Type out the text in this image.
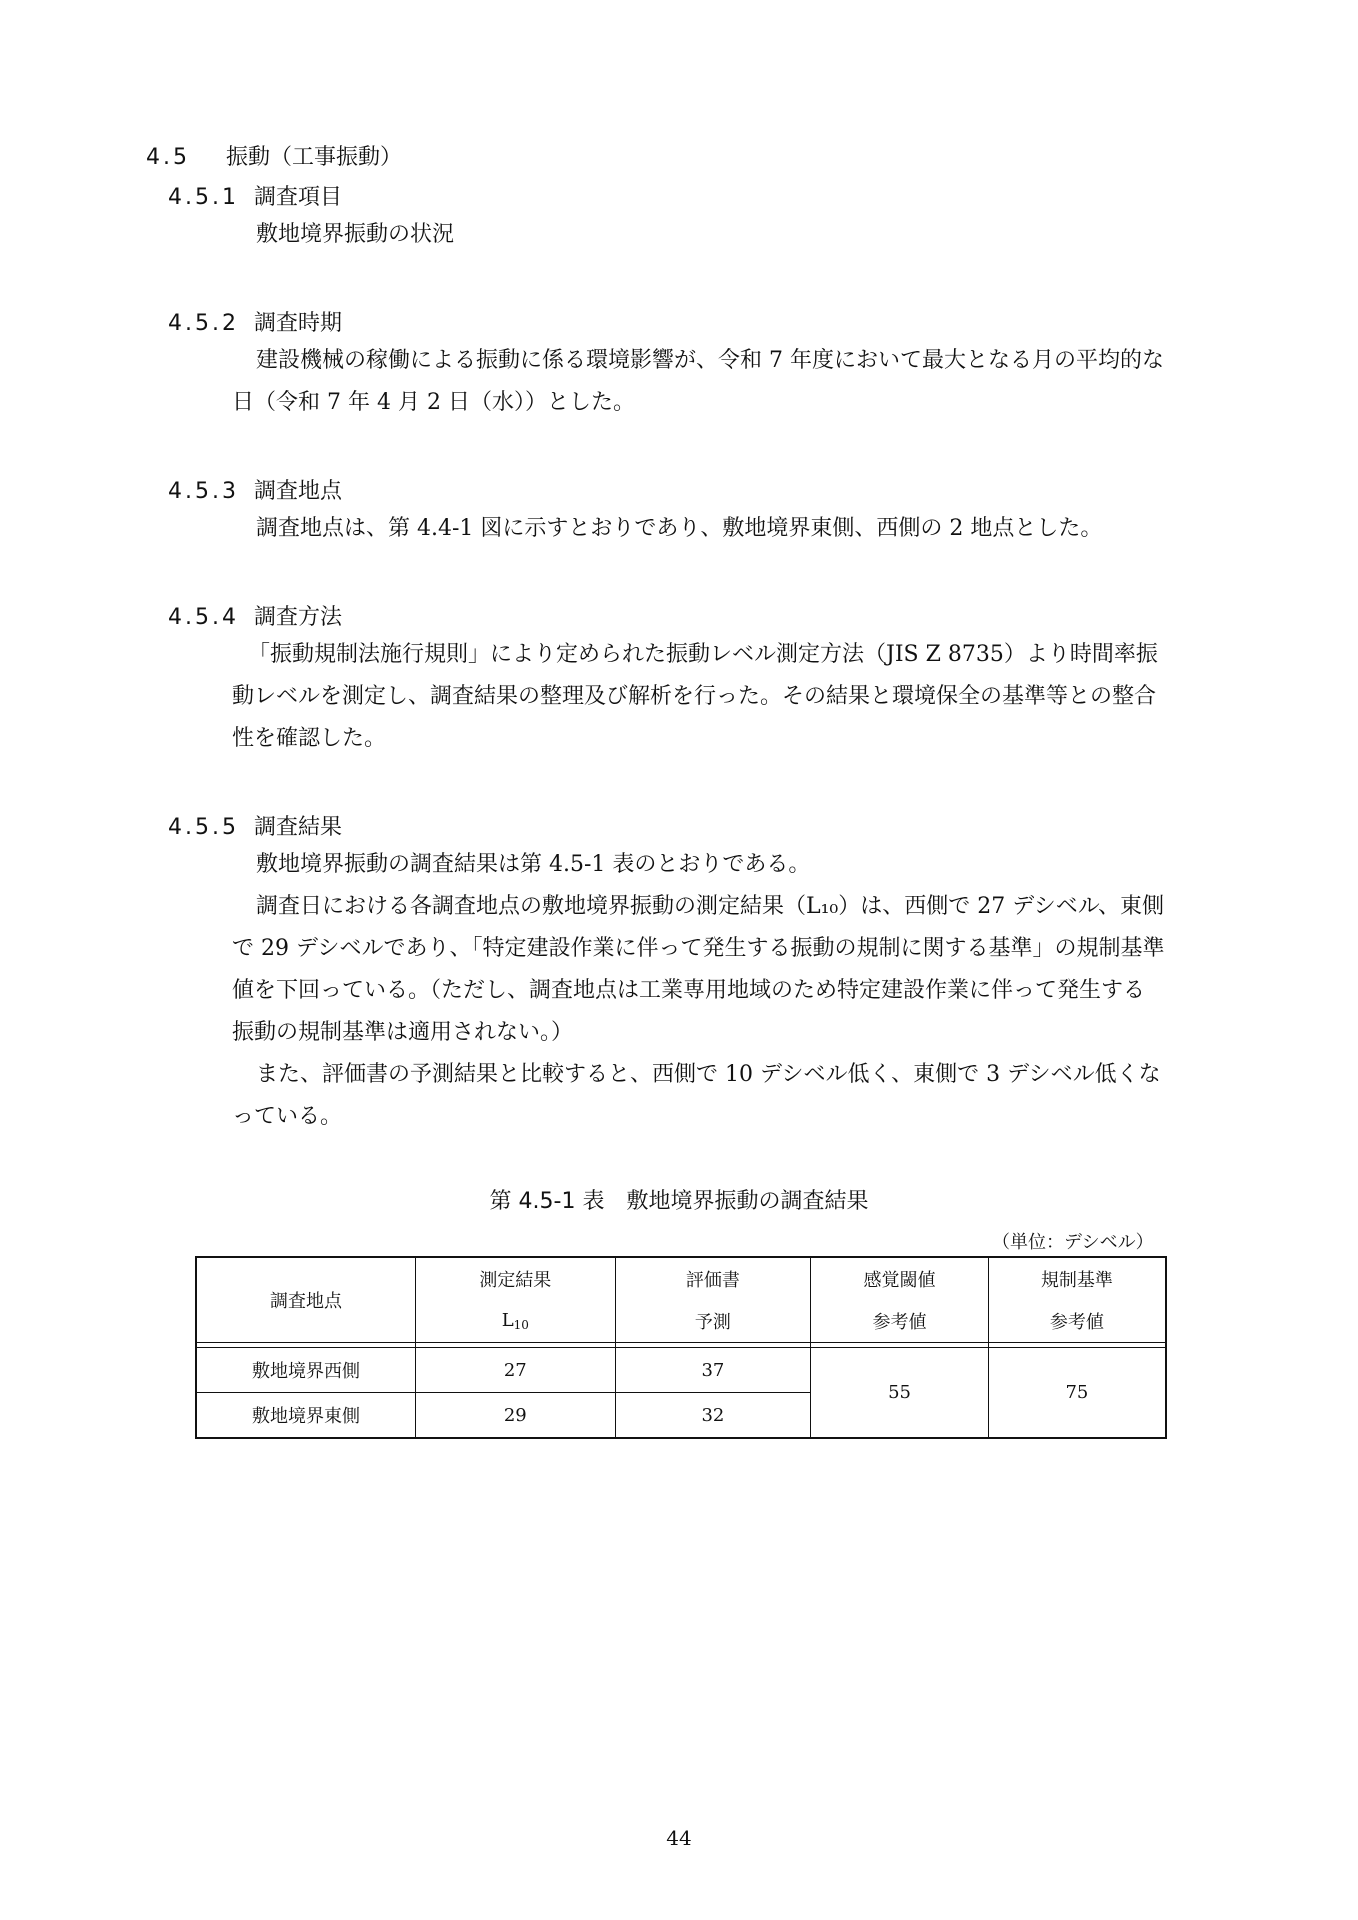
4.5 振動（工事振動）
4.5.1 調査項目
敷地境界振動の状況
4.5.2 調査時期
建設機械の稼働による振動に係る環境影響が、令和 7 年度において最大となる月の平均的な
日（令和 7 年 4 月 2 日（水））とした。
4.5.3 調査地点
調査地点は、第 4.4-1 図に示すとおりであり、敷地境界東側、西側の 2 地点とした。
4.5.4 調査方法
「振動規制法施行規則」により定められた振動レベル測定方法（JIS Z 8735）より時間率振
動レベルを測定し、調査結果の整理及び解析を行った。その結果と環境保全の基準等との整合
性を確認した。
4.5.5 調査結果
敷地境界振動の調査結果は第 4.5-1 表のとおりである。
調査日における各調査地点の敷地境界振動の測定結果（L₁₀）は、西側で 27 デシベル、東側
で 29 デシベルであり、「特定建設作業に伴って発生する振動の規制に関する基準」の規制基準
値を下回っている。（ただし、調査地点は工業専用地域のため特定建設作業に伴って発生する
振動の規制基準は適用されない。）
また、評価書の予測結果と比較すると、西側で 10 デシベル低く、東側で 3 デシベル低くな
っている。
第 4.5-1 表　敷地境界振動の調査結果
（単位：デシベル）
調査地点	測定結果	評価書	感覚閾値	規制基準
	$L_{10}$	予測	参考値	参考値

敷地境界西側	27	37	55	75
敷地境界東側	29	32		
44
